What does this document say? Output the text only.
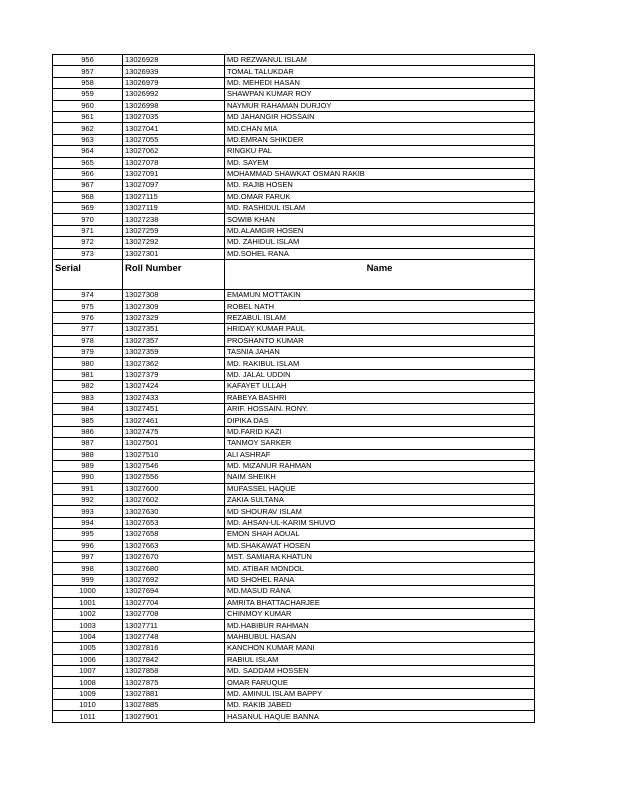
956	13026928	MD REZWANUL ISLAM
957	13026939	TOMAL TALUKDAR
958	13026979	MD. MEHEDI HASAN
959	13026992	SHAWPAN KUMAR ROY
960	13026998	NAYMUR RAHAMAN DURJOY
961	13027035	MD JAHANGIR HOSSAIN
962	13027041	MD.CHAN MIA
963	13027055	MD.EMRAN SHIKDER
964	13027062	RINGKU PAL
965	13027078	MD. SAYEM
966	13027091	MOHAMMAD SHAWKAT OSMAN RAKIB
967	13027097	MD. RAJIB HOSEN
968	13027115	MD.OMAR FARUK
969	13027119	MD. RASHIDUL ISLAM
970	13027238	SOWIB KHAN
971	13027259	MD.ALAMGIR HOSEN
972	13027292	MD. ZAHIDUL ISLAM
973	13027301	MD.SOHEL RANA
Serial	Roll Number	Name

974	13027308	EMAMUN MOTTAKIN
975	13027309	ROBEL NATH
976	13027329	REZABUL ISLAM
977	13027351	HRIDAY KUMAR PAUL
978	13027357	PROSHANTO KUMAR
979	13027359	TASNIA JAHAN
980	13027362	MD. RAKIBUL ISLAM
981	13027379	MD. JALAL UDDIN
982	13027424	KAFAYET ULLAH
983	13027433	RABEYA BASHRI
984	13027451	ARIF. HOSSAIN. RONY.
985	13027461	DIPIKA DAS
986	13027475	MD.FARID KAZI
987	13027501	TANMOY SARKER
988	13027510	ALI ASHRAF
989	13027546	MD. MIZANUR RAHMAN
990	13027556	NAIM SHEIKH
991	13027600	MUFASSEL HAQUE
992	13027602	ZAKIA SULTANA
993	13027630	MD SHOURAV ISLAM
994	13027653	MD. AHSAN-UL-KARIM SHUVO
995	13027658	EMON SHAH AOUAL
996	13027663	MD.SHAKAWAT HOSEN
997	13027670	MST. SAMIARA KHATUN
998	13027680	MD. ATIBAR MONDOL
999	13027692	MD SHOHEL RANA
1000	13027694	MD.MASUD RANA
1001	13027704	AMRITA BHATTACHARJEE
1002	13027708	CHINMOY KUMAR
1003	13027711	MD.HABIBUR RAHMAN
1004	13027748	MAHBUBUL HASAN
1005	13027816	KANCHON KUMAR MANI
1006	13027842	RABIUL ISLAM
1007	13027858	MD. SADDAM HOSSEN
1008	13027875	OMAR FARUQUE
1009	13027881	MD. AMINUL ISLAM BAPPY
1010	13027885	MD. RAKIB JABED
1011	13027901	HASANUL HAQUE BANNA
